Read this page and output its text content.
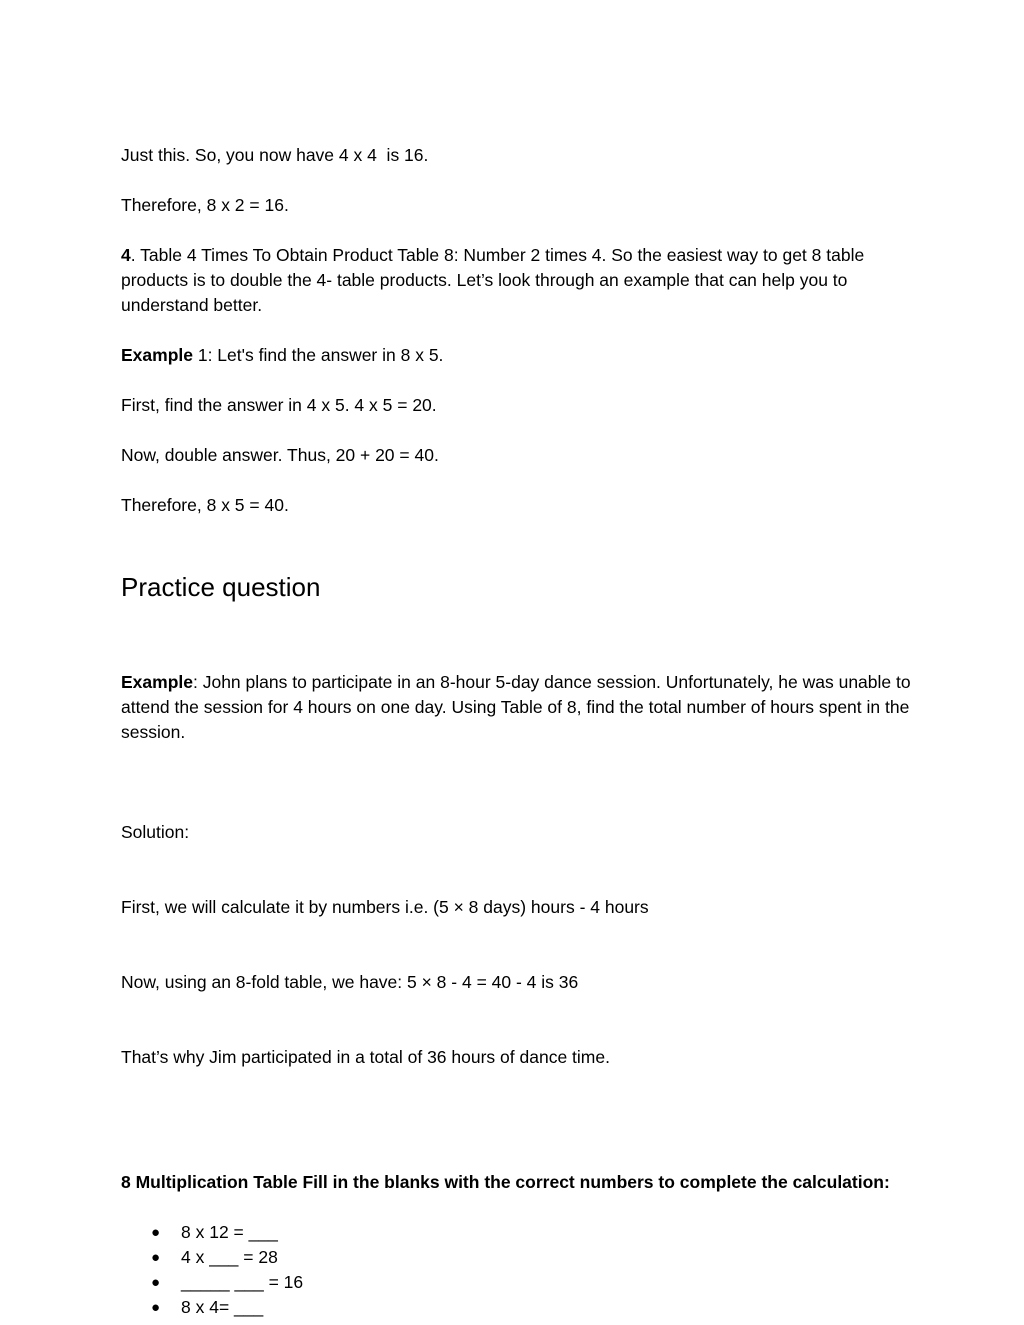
Just this. So, you now have 4 x 4  is 16.

Therefore, 8 x 2 = 16.

4. Table 4 Times To Obtain Product Table 8: Number 2 times 4. So the easiest way to get 8 table products is to double the 4- table products. Let’s look through an example that can help you to understand better.

Example 1: Let's find the answer in 8 x 5.

First, find the answer in 4 x 5. 4 x 5 = 20.

Now, double answer. Thus, 20 + 20 = 40.

Therefore, 8 x 5 = 40.

Practice question

Example: John plans to participate in an 8-hour 5-day dance session. Unfortunately, he was unable to attend the session for 4 hours on one day. Using Table of 8, find the total number of hours spent in the session.

Solution:

First, we will calculate it by numbers i.e. (5 × 8 days) hours - 4 hours

Now, using an 8-fold table, we have: 5 × 8 - 4 = 40 - 4 is 36

That’s why Jim participated in a total of 36 hours of dance time.

8 Multiplication Table Fill in the blanks with the correct numbers to complete the calculation:

● 8 x 12 = ___
● 4 x ___ = 28
● _____ ___ = 16
● 8 x 4= ___
